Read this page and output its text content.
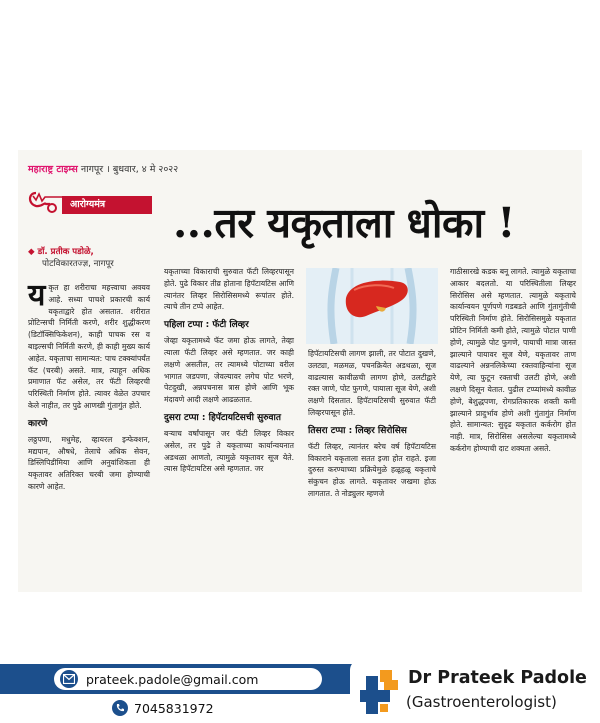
महाराष्ट्र टाइम्स नागपूर । बुधवार, ४ मे २०२२
आरोग्यमंत्र	...तर यकृताला धोका !
◆ डॉ. प्रतीक पडोळे,
पोटविकारतज्ज्ञ, नागपूर
य कृत हा शरीराचा महत्त्वाचा अवयव आहे. सध्या पाचशे प्रकारची कार्य यकृताद्वारे होत असतात. शरीरात प्रोटिन्सची निर्मिती करणे, शरीर शुद्धीकरण (डिटॉक्सिफिकेशन), काही पाचक रस व बाइल्सची निर्मिती करणे, ही काही मुख्य कार्य आहेत. यकृताचा सामान्यत: पाच टक्क्यांपर्यंत फॅट (चरबी) असते. मात्र, त्याहून अधिक प्रमाणात फॅट असेल, तर फॅटी लिव्हरची परिस्थिती निर्माण होते. त्यावर वेळेत उपचार केले नाहीत, तर पुढे आणखी गुंतागुंत होते.

कारणे

लठ्ठपणा, मधुमेह, व्हायरल इन्फेक्शन, मद्यपान, औषधे, तेलाचे अधिक सेवन, डिस्लिपिडीमिया आणि अनुवांशिकता ही यकृतावर अतिरिक्त चरबी जमा होण्याची कारणे आहेत.

यकृताच्या विकाराची सुरुवात फॅटी लिव्हरपासून होते. पुढे विकार तीव्र होताना हिपॅटायटिस आणि त्यानंतर लिव्हर सिरोसिसमध्ये रूपांतर होते. त्याचे तीन टप्पे आहेत.

पहिला टप्पा : फॅटी लिव्हर

जेव्हा यकृतामध्ये फॅट जमा होऊ लागते, तेव्हा त्याला फॅटी लिव्हर असे म्हणतात. जर काही लक्षणे असतील, तर त्यामध्ये पोटाच्या वरील भागात जडपणा, जेवल्यावर लगेच पोट भरणे, पेटदुखी, अन्नपचनास त्रास होणे आणि भूक मंदावणे आदी लक्षणे आढळतात.

दुसरा टप्पा : हिपॅटायटिसची सुरुवात

बऱ्याच वर्षांपासून जर फॅटी लिव्हर विकार असेल, तर पुढे ते यकृताच्या कार्यान्वयनात अडथळा आणतो, त्यामुळे यकृतावर सूज येते. त्यास हिपॅटायटिस असे म्हणतात. जर

हिपॅटायटिसची लागण झाली, तर पोटात दुखणे, उलट्या, मळमळ, पचनक्रियेत अडथळा, सूज वाढल्यास कावीळची लागण होणे, उलटीद्वारे रक्त जाणे, पोट फुगणे, पायाला सूज येणे, अशी लक्षणे दिसतात. हिपॅटायटिसची सुरुवात फॅटी लिव्हरपासून होते.

तिसरा टप्पा : लिव्हर सिरोसिस

फॅटी लिव्हर, त्यानंतर बरेच वर्ष हिपॅटायटिस विकाराने यकृताला सतत इजा होत राहते. इजा दुरुस्त करण्याच्या प्रक्रियेमुळे हळूहळू यकृताचे संकुचन होऊ लागते. यकृतावर जखमा होऊ लागतात. ते नोड्युलर म्हणजे

गाठीसारखे कडक बनू लागते. त्यामुळे यकृताचा आकार बदलतो. या परिस्थितीला लिव्हर सिरोसिस असे म्हणतात. त्यामुळे यकृताचे कार्यान्वयन पूर्णपणे गडबडते आणि गुंतागुंतीची परिस्थिती निर्माण होते. सिरोसिसमुळे यकृतात प्रोटिन निर्मिती कमी होते, त्यामुळे पोटात पाणी होणे, त्यामुळे पोट फुगणे, पायाची मात्रा जास्त झाल्याने पायावर सूज येणे, यकृतावर ताण वाढल्याने अन्ननलिकेच्या रक्तवाहिन्यांना सूज येणे, त्या फुटून रक्ताची उलटी होणे, अशी लक्षणे दिसून येतात. पुढील टप्प्यांमध्ये कावीळ होणे, बेशुद्धपणा, रोगप्रतिकारक शक्ती कमी झाल्याने प्रादुर्भाव होणे अशी गुंतागुंत निर्माण होते. सामान्यत: सुदृढ यकृतात कर्करोग होत नाही. मात्र, सिरोसिस असलेल्या यकृतामध्ये कर्करोग होण्याची दाट शक्यता असते.

prateek.padole@gmail.com
7045831972
Dr Prateek Padole
(Gastroenterologist)
